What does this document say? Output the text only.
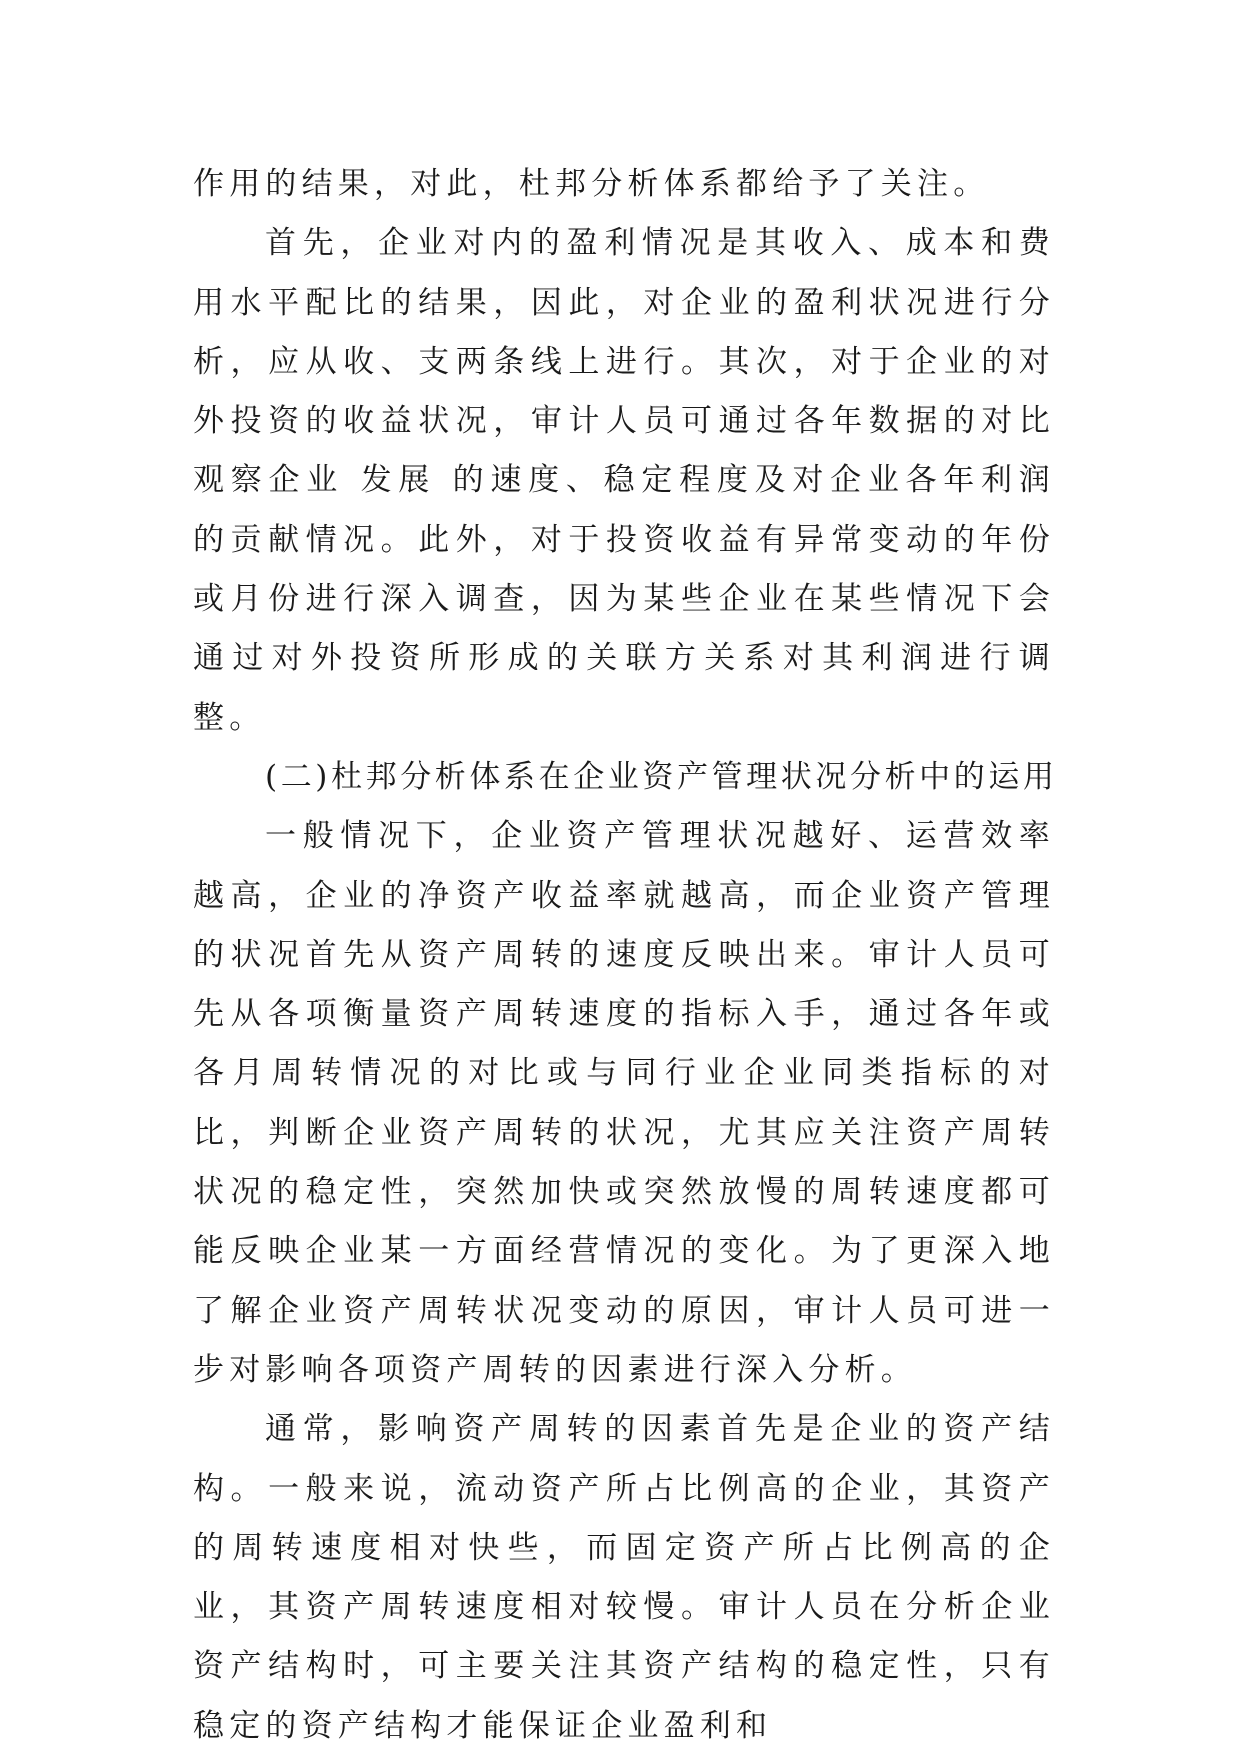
作用的结果，对此，杜邦分析体系都给予了关注。

首先，企业对内的盈利情况是其收入、成本和费用水平配比的结果，因此，对企业的盈利状况进行分析，应从收、支两条线上进行。其次，对于企业的对外投资的收益状况，审计人员可通过各年数据的对比观察企业 发展 的速度、稳定程度及对企业各年利润的贡献情况。此外，对于投资收益有异常变动的年份或月份进行深入调查，因为某些企业在某些情况下会通过对外投资所形成的关联方关系对其利润进行调整。

(二)杜邦分析体系在企业资产管理状况分析中的运用

一般情况下，企业资产管理状况越好、运营效率越高，企业的净资产收益率就越高，而企业资产管理的状况首先从资产周转的速度反映出来。审计人员可先从各项衡量资产周转速度的指标入手，通过各年或各月周转情况的对比或与同行业企业同类指标的对比，判断企业资产周转的状况，尤其应关注资产周转状况的稳定性，突然加快或突然放慢的周转速度都可能反映企业某一方面经营情况的变化。为了更深入地了解企业资产周转状况变动的原因，审计人员可进一步对影响各项资产周转的因素进行深入分析。

通常，影响资产周转的因素首先是企业的资产结构。一般来说，流动资产所占比例高的企业，其资产的周转速度相对快些，而固定资产所占比例高的企业，其资产周转速度相对较慢。审计人员在分析企业资产结构时，可主要关注其资产结构的稳定性，只有稳定的资产结构才能保证企业盈利和
